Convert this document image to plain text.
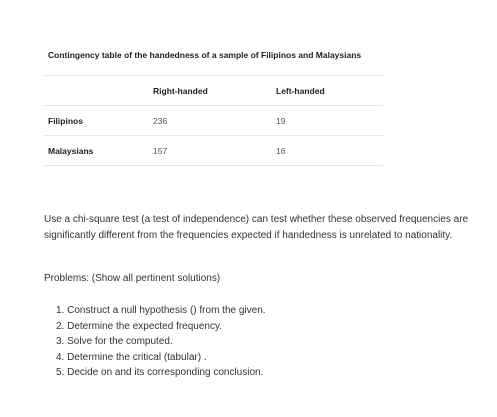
Contingency table of the handedness of a sample of Filipinos and Malaysians
	Right-handed	Left-handed
Filipinos	236	19
Malaysians	157	16
Use a chi-square test (a test of independence) can test whether these observed frequencies are significantly different from the frequencies expected if handedness is unrelated to nationality.
Problems: (Show all pertinent solutions)
1. Construct a null hypothesis () from the given.
2. Determine the expected frequency.
3. Solve for the computed.
4. Determine the critical (tabular) .
5. Decide on and its corresponding conclusion.
